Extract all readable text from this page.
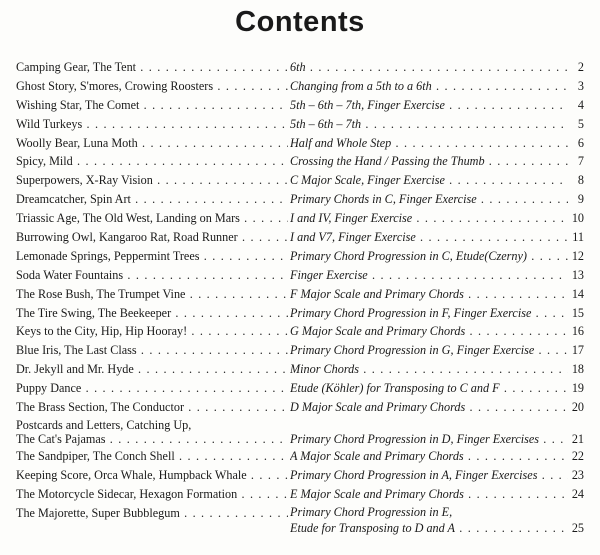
Contents
Camping Gear, The Tent . . .	6th . . .	2
Ghost Story, S'mores, Crowing Roosters . . .	Changing from a 5th to a 6th . . .	3
Wishing Star, The Comet . . .	5th – 6th – 7th, Finger Exercise . . .	4
Wild Turkeys . . .	5th – 6th – 7th . . .	5
Woolly Bear, Luna Moth . . .	Half and Whole Step . . .	6
Spicy, Mild . . .	Crossing the Hand / Passing the Thumb . . .	7
Superpowers, X-Ray Vision . . .	C Major Scale, Finger Exercise . . .	8
Dreamcatcher, Spin Art . . .	Primary Chords in C, Finger Exercise . . .	9
Triassic Age, The Old West, Landing on Mars . . .	I and IV, Finger Exercise . . .	10
Burrowing Owl, Kangaroo Rat, Road Runner . . .	I and V7, Finger Exercise . . .	11
Lemonade Springs, Peppermint Trees . . .	Primary Chord Progression in C, Etude(Czerny) . . .	12
Soda Water Fountains . . .	Finger Exercise . . .	13
The Rose Bush, The Trumpet Vine . . .	F Major Scale and Primary Chords . . .	14
The Tire Swing, The Beekeeper . . .	Primary Chord Progression in F, Finger Exercise . . .	15
Keys to the City, Hip, Hip Hooray! . . .	G Major Scale and Primary Chords . . .	16
Blue Iris, The Last Class . . .	Primary Chord Progression in G, Finger Exercise . . .	17
Dr. Jekyll and Mr. Hyde . . .	Minor Chords . . .	18
Puppy Dance . . .	Etude (Köhler) for Transposing to C and F . . .	19
The Brass Section, The Conductor . . .	D Major Scale and Primary Chords . . .	20
Postcards and Letters, Catching Up,
The Cat's Pajamas . . .	Primary Chord Progression in D, Finger Exercises . . .	21
The Sandpiper, The Conch Shell . . .	A Major Scale and Primary Chords . . .	22
Keeping Score, Orca Whale, Humpback Whale . . .	Primary Chord Progression in A, Finger Exercises . . .	23
The Motorcycle Sidecar, Hexagon Formation . . .	E Major Scale and Primary Chords . . .	24
The Majorette, Super Bubblegum . . .	Primary Chord Progression in E,
Etude for Transposing to D and A . . .	25
